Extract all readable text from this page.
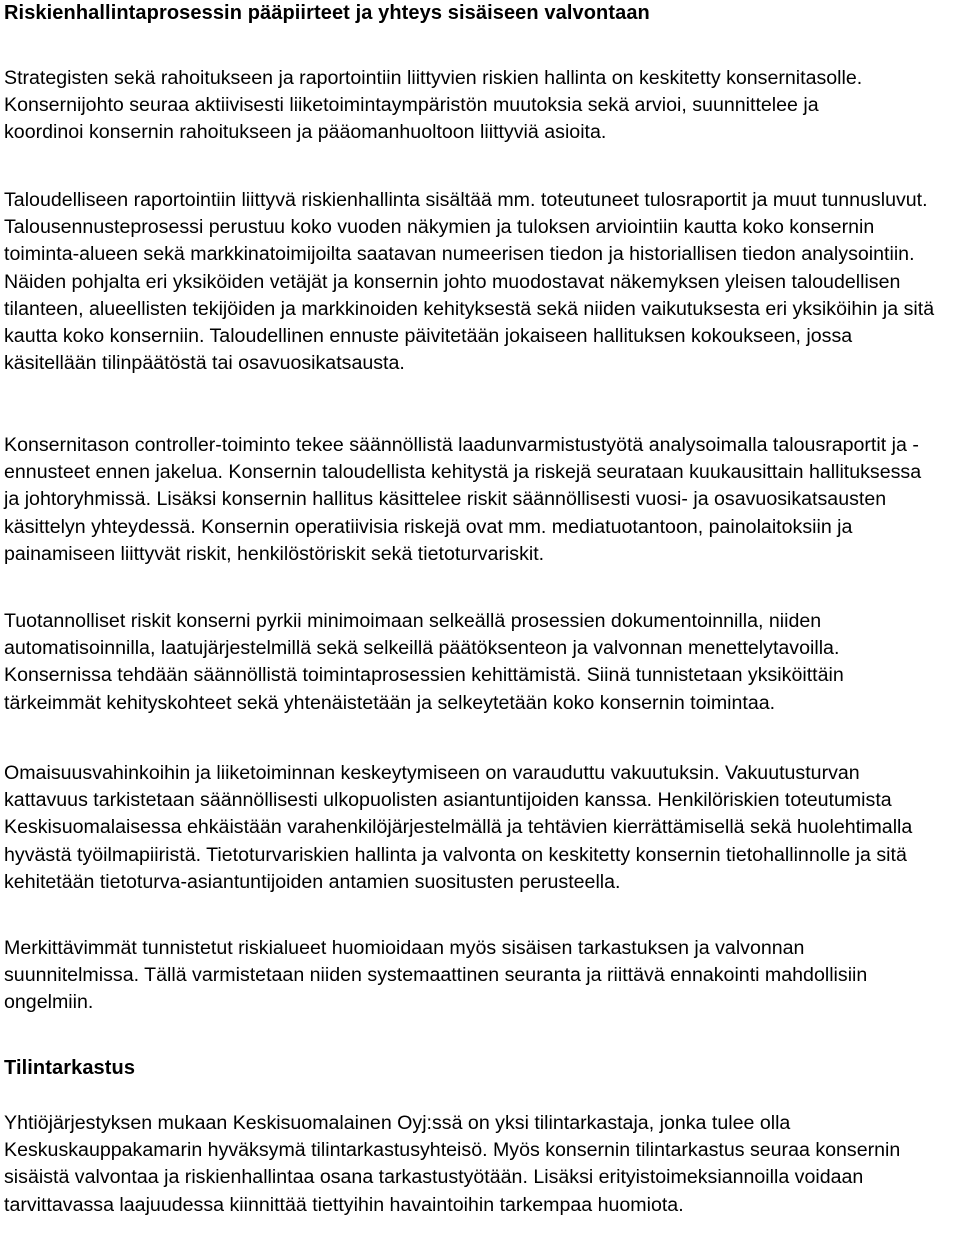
Riskienhallintaprosessin pääpiirteet ja yhteys sisäiseen valvontaan

Strategisten sekä rahoitukseen ja raportointiin liittyvien riskien hallinta on keskitetty konsernitasolle. Konsernijohto seuraa aktiivisesti liiketoimintaympäristön muutoksia sekä arvioi, suunnittelee ja koordinoi konsernin rahoitukseen ja pääomanhuoltoon liittyviä asioita.

Taloudelliseen raportointiin liittyvä riskienhallinta sisältää mm. toteutuneet tulosraportit ja muut tunnusluvut. Talousennusteprosessi perustuu koko vuoden näkymien ja tuloksen arviointiin kautta koko konsernin toiminta-alueen sekä markkinatoimijoilta saatavan numeerisen tiedon ja historiallisen tiedon analysointiin. Näiden pohjalta eri yksiköiden vetäjät ja konsernin johto muodostavat näkemyksen yleisen taloudellisen tilanteen, alueellisten tekijöiden ja markkinoiden kehityksestä sekä niiden vaikutuksesta eri yksiköihin ja sitä kautta koko konserniin. Taloudellinen ennuste päivitetään jokaiseen hallituksen kokoukseen, jossa käsitellään tilinpäätöstä tai osavuosikatsausta.

Konsernitason controller-toiminto tekee säännöllistä laadunvarmistustyötä analysoimalla talousraportit ja -ennusteet ennen jakelua. Konsernin taloudellista kehitystä ja riskejä seurataan kuukausittain hallituksessa ja johtoryhmissä. Lisäksi konsernin hallitus käsittelee riskit säännöllisesti vuosi- ja osavuosikatsausten käsittelyn yhteydessä. Konsernin operatiivisia riskejä ovat mm. mediatuotantoon, painolaitoksiin ja painamiseen liittyvät riskit, henkilöstöriskit sekä tietoturvariskit.

Tuotannolliset riskit konserni pyrkii minimoimaan selkeällä prosessien dokumentoinnilla, niiden automatisoinnilla, laatujärjestelmillä sekä selkeillä päätöksenteon ja valvonnan menettelytavoilla. Konsernissa tehdään säännöllistä toimintaprosessien kehittämistä. Siinä tunnistetaan yksiköittäin tärkeimmät kehityskohteet sekä yhtenäistetään ja selkeytetään koko konsernin toimintaa.

Omaisuusvahinkoihin ja liiketoiminnan keskeytymiseen on varauduttu vakuutuksin. Vakuutusturvan kattavuus tarkistetaan säännöllisesti ulkopuolisten asiantuntijoiden kanssa. Henkilöriskien toteutumista Keskisuomalaisessa ehkäistään varahenkilöjärjestelmällä ja tehtävien kierrättämisellä sekä huolehtimalla hyvästä työilmapiiristä. Tietoturvariskien hallinta ja valvonta on keskitetty konsernin tietohallinnolle ja sitä kehitetään tietoturva-asiantuntijoiden antamien suositusten perusteella.

Merkittävimmät tunnistetut riskialueet huomioidaan myös sisäisen tarkastuksen ja valvonnan suunnitelmissa. Tällä varmistetaan niiden systemaattinen seuranta ja riittävä ennakointi mahdollisiin ongelmiin.

Tilintarkastus

Yhtiöjärjestyksen mukaan Keskisuomalainen Oyj:ssä on yksi tilintarkastaja, jonka tulee olla Keskuskauppakamarin hyväksymä tilintarkastusyhteisö. Myös konsernin tilintarkastus seuraa konsernin sisäistä valvontaa ja riskienhallintaa osana tarkastustyötään. Lisäksi erityistoimeksiannoilla voidaan tarvittavassa laajuudessa kiinnittää tiettyihin havaintoihin tarkempaa huomiota.
